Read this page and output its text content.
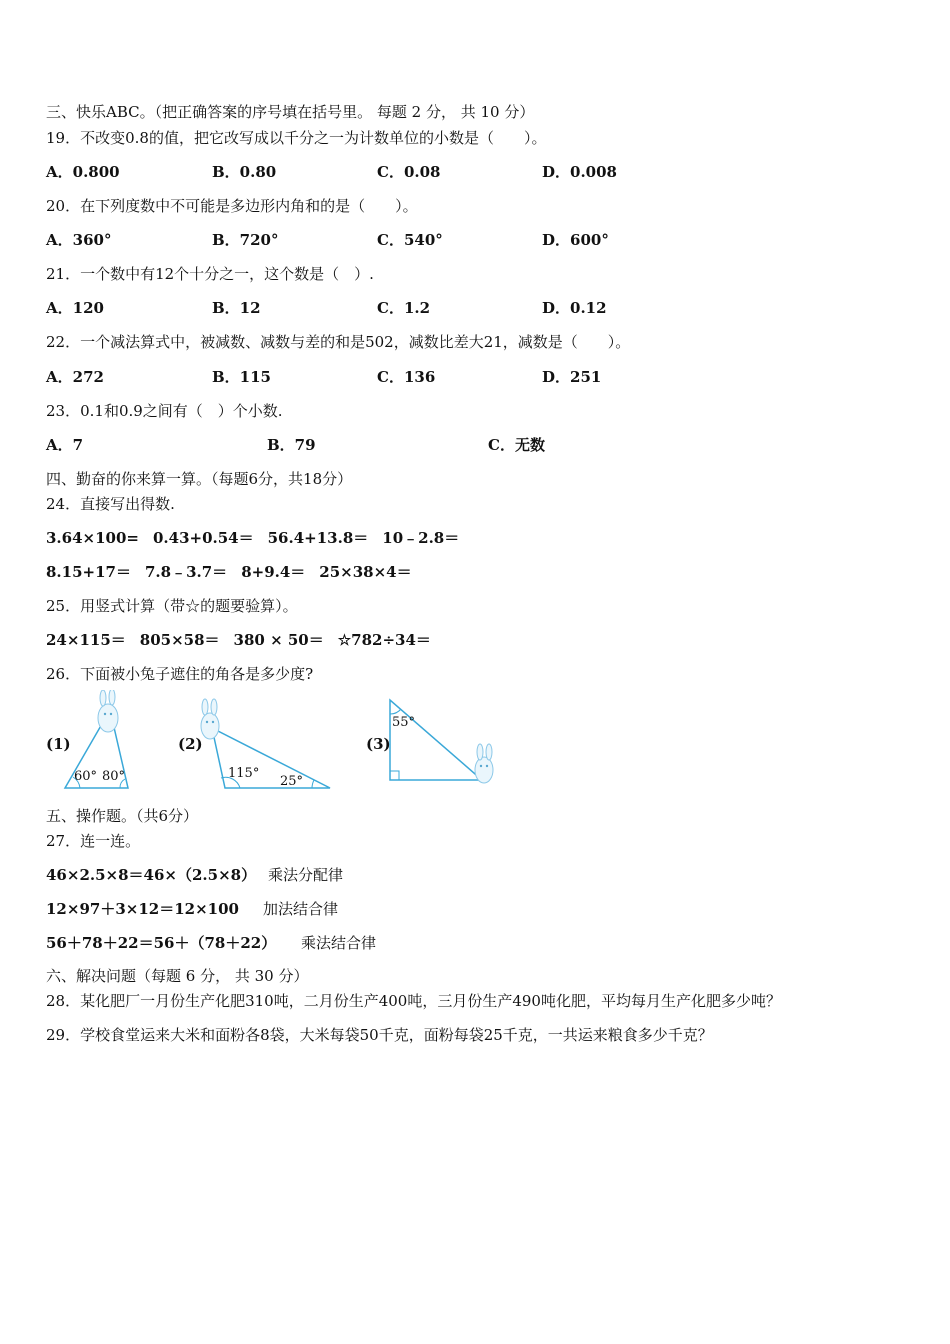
三、快乐ABC。（把正确答案的序号填在括号里。 每题 2 分， 共 10 分）
19．不改变0.8的值，把它改写成以千分之一为计数单位的小数是（　　）。
A．0.800	B．0.80	C．0.08	D．0.008
20．在下列度数中不可能是多边形内角和的是（　　）。
A．360°	B．720°	C．540°	D．600°
21．一个数中有12个十分之一，这个数是（　）.
A．120	B．12	C．1.2	D．0.12
22．一个减法算式中，被减数、减数与差的和是502，减数比差大21，减数是（　　）。
A．272	B．115	C．136	D．251
23．0.1和0.9之间有（　）个小数.
A．7	B．79	C．无数
四、勤奋的你来算一算。（每题6分，共18分）
24．直接写出得数.
3.64×100= 0.43+0.54＝ 56.4+13.8＝ 10﹣2.8＝
8.15+17＝ 7.8﹣3.7＝ 8+9.4＝ 25×38×4＝
25．用竖式计算（带☆的题要验算）。
24×115＝ 805×58＝ 380 × 50＝ ☆782÷34＝
26．下面被小兔子遮住的角各是多少度?
(1)
60° 80°
(2)
115°
25°
(3)
55°
五、操作题。（共6分）
27．连一连。
46×2.5×8＝46×（2.5×8） 乘法分配律
12×97＋3×12＝12×100 加法结合律
56＋78＋22＝56＋（78＋22） 乘法结合律
六、解决问题（每题 6 分， 共 30 分）
28．某化肥厂一月份生产化肥310吨，二月份生产400吨，三月份生产490吨化肥，平均每月生产化肥多少吨？
29．学校食堂运来大米和面粉各8袋，大米每袋50千克，面粉每袋25千克，一共运来粮食多少千克？
